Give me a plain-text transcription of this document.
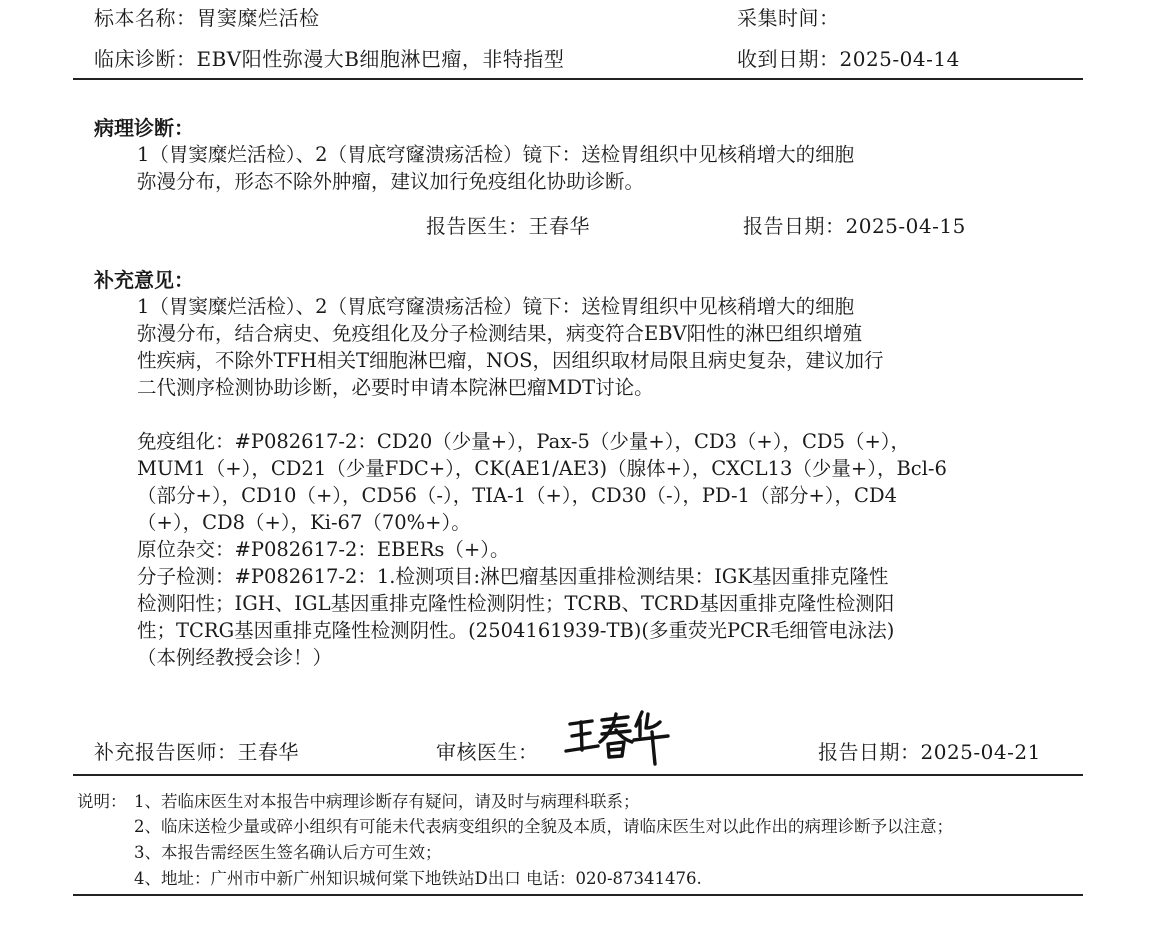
标本名称：胃窦糜烂活检	采集时间：
临床诊断：EBV阳性弥漫大B细胞淋巴瘤，非特指型	收到日期：2025-04-14
病理诊断：
1（胃窦糜烂活检）、2（胃底穹窿溃疡活检）镜下：送检胃组织中见核稍增大的细胞
弥漫分布，形态不除外肿瘤，建议加行免疫组化协助诊断。
报告医生：王春华	报告日期：2025-04-15
补充意见：
1（胃窦糜烂活检）、2（胃底穹窿溃疡活检）镜下：送检胃组织中见核稍增大的细胞
弥漫分布，结合病史、免疫组化及分子检测结果，病变符合EBV阳性的淋巴组织增殖
性疾病，不除外TFH相关T细胞淋巴瘤，NOS，因组织取材局限且病史复杂，建议加行
二代测序检测协助诊断，必要时申请本院淋巴瘤MDT讨论。
免疫组化：#P082617-2：CD20（少量+），Pax-5（少量+），CD3（+），CD5（+），
MUM1（+），CD21（少量FDC+），CK(AE1/AE3)（腺体+），CXCL13（少量+），Bcl-6
（部分+），CD10（+），CD56（-），TIA-1（+），CD30（-），PD-1（部分+），CD4
（+），CD8（+），Ki-67（70%+）。
原位杂交：#P082617-2：EBERs（+）。
分子检测：#P082617-2：1.检测项目:淋巴瘤基因重排检测结果：IGK基因重排克隆性
检测阳性；IGH、IGL基因重排克隆性检测阴性；TCRB、TCRD基因重排克隆性检测阳
性；TCRG基因重排克隆性检测阴性。(2504161939-TB)(多重荧光PCR毛细管电泳法)
（本例经教授会诊！）
补充报告医师：王春华	审核医生：	报告日期：2025-04-21
说明： 1、若临床医生对本报告中病理诊断存有疑问，请及时与病理科联系；
2、临床送检少量或碎小组织有可能未代表病变组织的全貌及本质，请临床医生对以此作出的病理诊断予以注意；
3、本报告需经医生签名确认后方可生效；
4、地址：广州市中新广州知识城何棠下地铁站D出口 电话：020-87341476.
